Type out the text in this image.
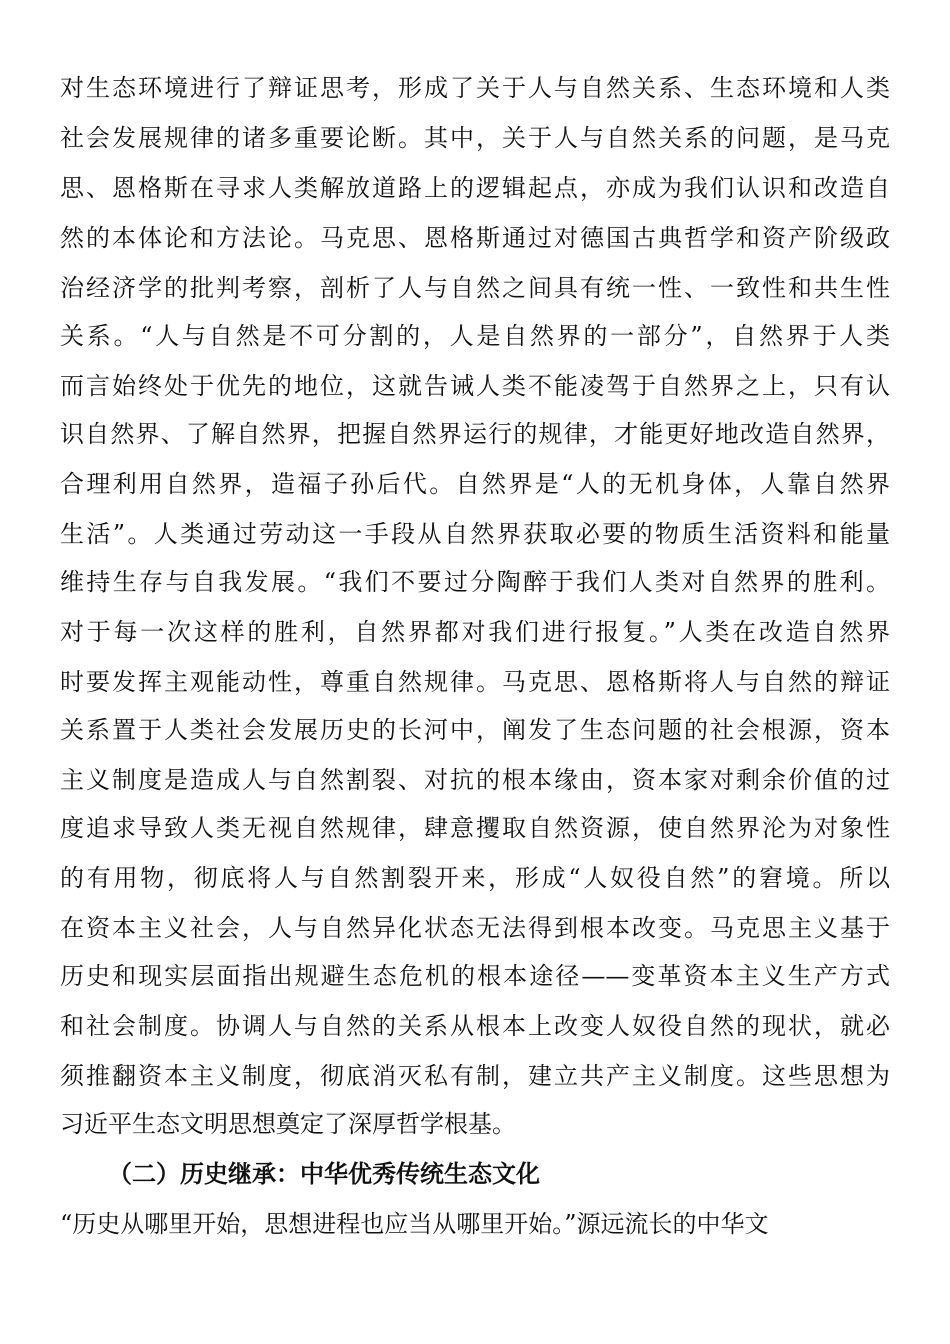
对生态环境进行了辩证思考，形成了关于人与自然关系、生态环境和人类
社会发展规律的诸多重要论断。其中，关于人与自然关系的问题，是马克
思、恩格斯在寻求人类解放道路上的逻辑起点，亦成为我们认识和改造自
然的本体论和方法论。马克思、恩格斯通过对德国古典哲学和资产阶级政
治经济学的批判考察，剖析了人与自然之间具有统一性、一致性和共生性
关系。“人与自然是不可分割的，人是自然界的一部分”，自然界于人类
而言始终处于优先的地位，这就告诫人类不能凌驾于自然界之上，只有认
识自然界、了解自然界，把握自然界运行的规律，才能更好地改造自然界，
合理利用自然界，造福子孙后代。自然界是“人的无机身体，人靠自然界
生活”。人类通过劳动这一手段从自然界获取必要的物质生活资料和能量
维持生存与自我发展。“我们不要过分陶醉于我们人类对自然界的胜利。
对于每一次这样的胜利，自然界都对我们进行报复。”人类在改造自然界
时要发挥主观能动性，尊重自然规律。马克思、恩格斯将人与自然的辩证
关系置于人类社会发展历史的长河中，阐发了生态问题的社会根源，资本
主义制度是造成人与自然割裂、对抗的根本缘由，资本家对剩余价值的过
度追求导致人类无视自然规律，肆意攫取自然资源，使自然界沦为对象性
的有用物，彻底将人与自然割裂开来，形成“人奴役自然”的窘境。所以
在资本主义社会，人与自然异化状态无法得到根本改变。马克思主义基于
历史和现实层面指出规避生态危机的根本途径——变革资本主义生产方式
和社会制度。协调人与自然的关系从根本上改变人奴役自然的现状，就必
须推翻资本主义制度，彻底消灭私有制，建立共产主义制度。这些思想为
习近平生态文明思想奠定了深厚哲学根基。
（二）历史继承：中华优秀传统生态文化
“历史从哪里开始，思想进程也应当从哪里开始。”源远流长的中华文
